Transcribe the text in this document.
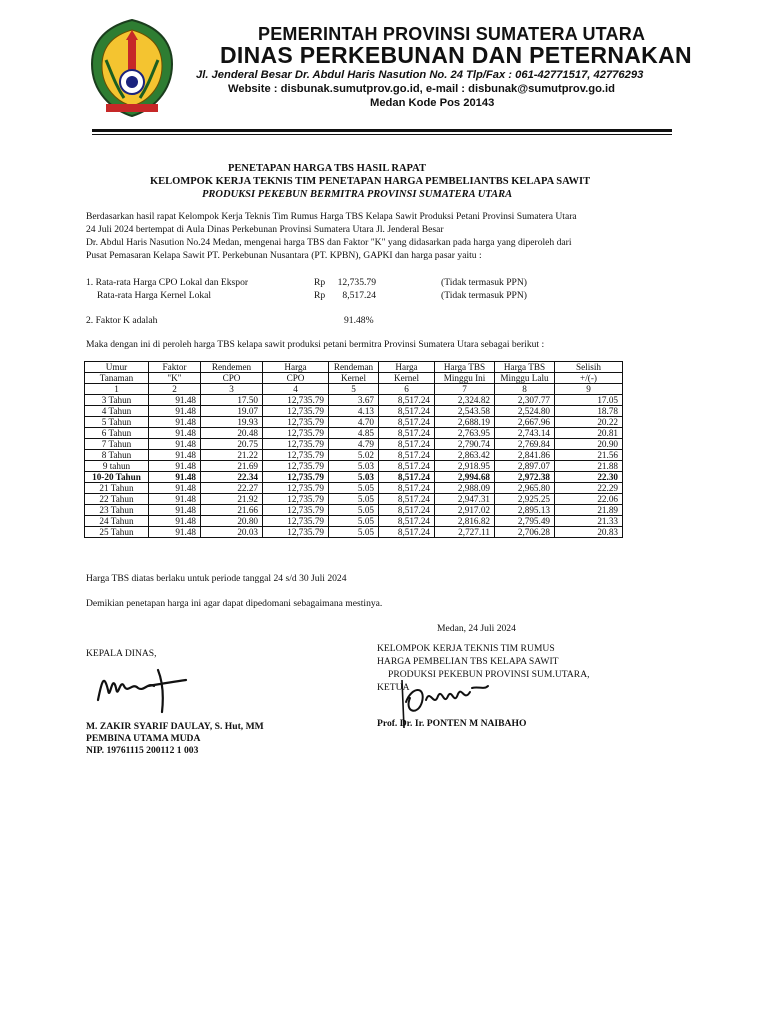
PEMERINTAH PROVINSI SUMATERA UTARA
DINAS PERKEBUNAN DAN PETERNAKAN
Jl. Jenderal Besar Dr. Abdul Haris Nasution No. 24 Tlp/Fax : 061-42771517, 42776293
Website : disbunak.sumutprov.go.id, e-mail : disbunak@sumutprov.go.id
Medan Kode Pos 20143
PENETAPAN HARGA TBS HASIL RAPAT
KELOMPOK KERJA TEKNIS TIM PENETAPAN HARGA PEMBELIANTBS KELAPA SAWIT
PRODUKSI PEKEBUN BERMITRA PROVINSI SUMATERA UTARA
Berdasarkan hasil rapat Kelompok Kerja Teknis Tim Rumus Harga TBS Kelapa Sawit Produksi Petani Provinsi Sumatera Utara
24 Juli 2024 bertempat di Aula Dinas Perkebunan Provinsi Sumatera Utara Jl. Jenderal Besar
Dr. Abdul Haris Nasution No.24 Medan, mengenai harga TBS dan Faktor "K" yang didasarkan pada harga yang diperoleh dari
Pusat Pemasaran Kelapa Sawit PT. Perkebunan Nusantara (PT. KPBN), GAPKI dan harga pasar yaitu :
1. Rata-rata Harga CPO Lokal dan Ekspor	Rp 12,735.79	(Tidak termasuk PPN)
Rata-rata Harga Kernel Lokal	Rp	8,517.24	(Tidak termasuk PPN)
2. Faktor K adalah	91.48%
Maka dengan ini di peroleh harga TBS kelapa sawit produksi petani bermitra Provinsi Sumatera Utara sebagai berikut :
Umur	Faktor	Rendemen	Harga	Rendeman	Harga	Harga TBS	Harga TBS	Selisih
Tanaman	"K"	CPO	CPO	Kernel	Kernel	Minggu Ini	Minggu Lalu	+/(-)
1	2	3	4	5	6	7	8	9
3 Tahun	91.48	17.50	12,735.79	3.67	8,517.24	2,324.82	2,307.77	17.05
4 Tahun	91.48	19.07	12,735.79	4.13	8,517.24	2,543.58	2,524.80	18.78
5 Tahun	91.48	19.93	12,735.79	4.70	8,517.24	2,688.19	2,667.96	20.22
6 Tahun	91.48	20.48	12,735.79	4.85	8,517.24	2,763.95	2,743.14	20.81
7 Tahun	91.48	20.75	12,735.79	4.79	8,517.24	2,790.74	2,769.84	20.90
8 Tahun	91.48	21.22	12,735.79	5.02	8,517.24	2,863.42	2,841.86	21.56
9 tahun	91.48	21.69	12,735.79	5.03	8,517.24	2,918.95	2,897.07	21.88
10-20 Tahun	91.48	22.34	12,735.79	5.03	8,517.24	2,994.68	2,972.38	22.30
21 Tahun	91.48	22.27	12,735.79	5.05	8,517.24	2,988.09	2,965.80	22.29
22 Tahun	91.48	21.92	12,735.79	5.05	8,517.24	2,947.31	2,925.25	22.06
23 Tahun	91.48	21.66	12,735.79	5.05	8,517.24	2,917.02	2,895.13	21.89
24 Tahun	91.48	20.80	12,735.79	5.05	8,517.24	2,816.82	2,795.49	21.33
25 Tahun	91.48	20.03	12,735.79	5.05	8,517.24	2,727.11	2,706.28	20.83
Harga TBS diatas berlaku untuk periode tanggal 24 s/d 30 Juli 2024
Demikian penetapan harga ini agar dapat dipedomani sebagaimana mestinya.
Medan, 24 Juli 2024
KEPALA DINAS,
M. ZAKIR SYARIF DAULAY, S. Hut, MM
PEMBINA UTAMA MUDA
NIP. 19761115 200112 1 003
KELOMPOK KERJA TEKNIS TIM RUMUS
HARGA PEMBELIAN TBS KELAPA SAWIT
PRODUKSI PEKEBUN PROVINSI SUM.UTARA,
KETUA
Prof. Dr. Ir. PONTEN M NAIBAHO
